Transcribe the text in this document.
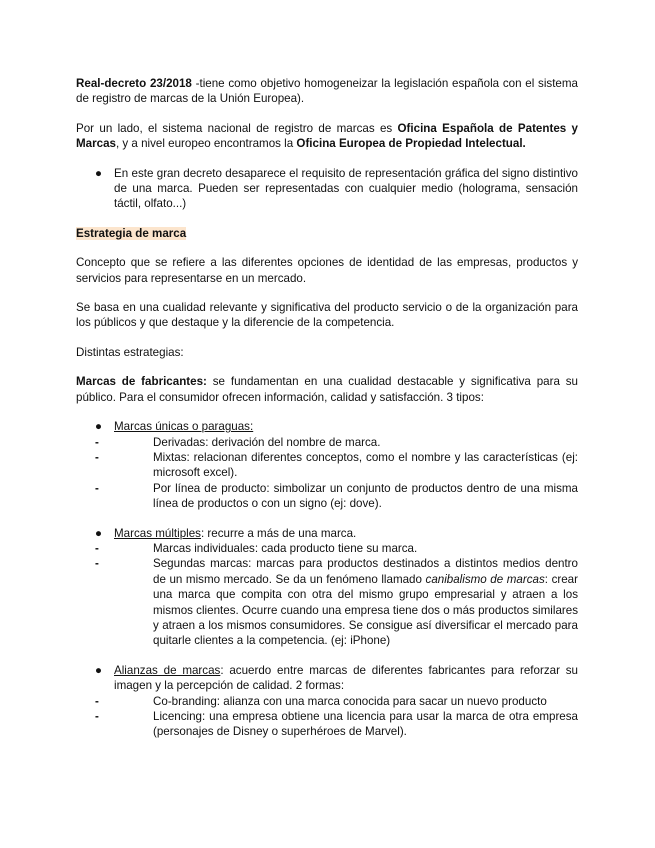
Real-decreto 23/2018 -tiene como objetivo homogeneizar la legislación española con el sistema de registro de marcas de la Unión Europea).

Por un lado, el sistema nacional de registro de marcas es Oficina Española de Patentes y Marcas, y a nivel europeo encontramos la Oficina Europea de Propiedad Intelectual.

● En este gran decreto desaparece el requisito de representación gráfica del signo distintivo de una marca. Pueden ser representadas con cualquier medio (holograma, sensación táctil, olfato...)

Estrategia de marca

Concepto que se refiere a las diferentes opciones de identidad de las empresas, productos y servicios para representarse en un mercado.

Se basa en una cualidad relevante y significativa del producto servicio o de la organización para los públicos y que destaque y la diferencie de la competencia.

Distintas estrategias:

Marcas de fabricantes: se fundamentan en una cualidad destacable y significativa para su público. Para el consumidor ofrecen información, calidad y satisfacción. 3 tipos:

● Marcas únicas o paraguas:
-	Derivadas: derivación del nombre de marca.
-	Mixtas: relacionan diferentes conceptos, como el nombre y las características (ej: microsoft excel).
-	Por línea de producto: simbolizar un conjunto de productos dentro de una misma línea de productos o con un signo (ej: dove).
● Marcas múltiples: recurre a más de una marca.
-	Marcas individuales: cada producto tiene su marca.
-	Segundas marcas: marcas para productos destinados a distintos medios dentro de un mismo mercado. Se da un fenómeno llamado canibalismo de marcas: crear una marca que compita con otra del mismo grupo empresarial y atraen a los mismos clientes. Ocurre cuando una empresa tiene dos o más productos similares y atraen a los mismos consumidores. Se consigue así diversificar el mercado para quitarle clientes a la competencia. (ej: iPhone)
● Alianzas de marcas: acuerdo entre marcas de diferentes fabricantes para reforzar su imagen y la percepción de calidad. 2 formas:
-	Co-branding: alianza con una marca conocida para sacar un nuevo producto
-	Licencing: una empresa obtiene una licencia para usar la marca de otra empresa (personajes de Disney o superhéroes de Marvel).
